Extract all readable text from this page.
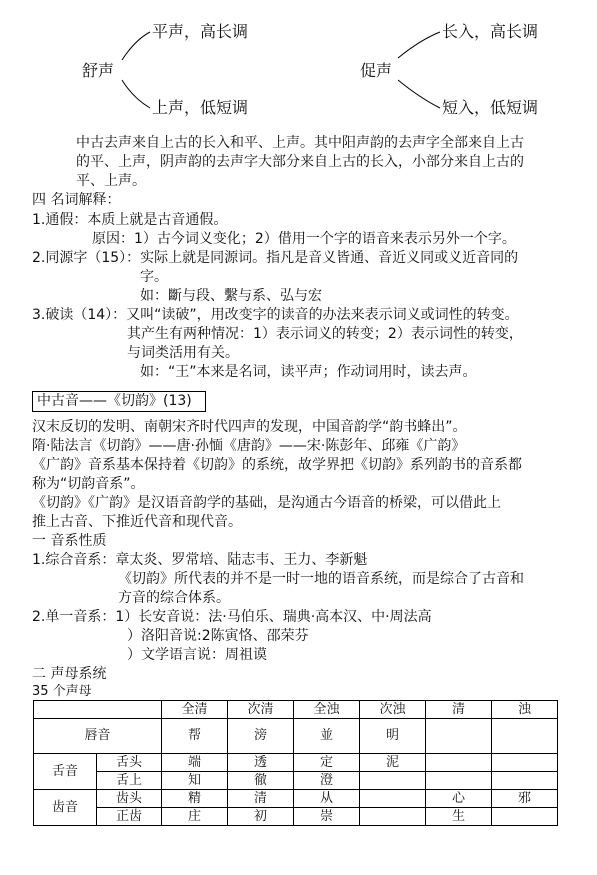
平声，高长调
舒声
上声，低短调
长入，高长调
促声
短入，低短调
中古去声来自上古的长入和平、上声。其中阳声韵的去声字全部来自上古
的平、上声，阴声韵的去声字大部分来自上古的长入，小部分来自上古的
平、上声。
四 名词解释：
1.通假：本质上就是古音通假。
原因：1）古今词义变化；2）借用一个字的语音来表示另外一个字。
2.同源字（15）：实际上就是同源词。指凡是音义皆通、音近义同或义近音同的
字。
如：斷与段、繫与系、弘与宏
3.破读（14）：又叫“读破”，用改变字的读音的办法来表示词义或词性的转变。
其产生有两种情况：1）表示词义的转变；2）表示词性的转变，
与词类活用有关。
如：“王”本来是名词，读平声；作动词用时，读去声。
中古音——《切韵》(13)
汉末反切的发明、南朝宋齐时代四声的发现，中国音韵学“韵书蜂出”。
隋·陆法言《切韵》——唐·孙愐《唐韵》——宋·陈彭年、邱雍《广韵》
《广韵》音系基本保持着《切韵》的系统，故学界把《切韵》系列韵书的音系都
称为“切韵音系”。
《切韵》《广韵》是汉语音韵学的基础，是沟通古今语音的桥梁，可以借此上
推上古音、下推近代音和现代音。
一 音系性质
1.综合音系：章太炎、罗常培、陆志韦、王力、李新魁
《切韵》所代表的并不是一时一地的语音系统，而是综合了古音和
方音的综合体系。
2.单一音系：1）长安音说：法·马伯乐、瑞典·高本汉、中·周法高
）洛阳音说:2陈寅恪、邵荣芬
）文学语言说：周祖谟
二 声母系统
35 个声母
		全清	次清	全浊	次浊	清	浊
唇音		帮	滂	並	明		
舌音	舌头	端	透	定	泥		
	舌上	知	徹	澄			
齿音	齿头	精	清	从		心	邪
	正齿	庄	初	崇		生	
